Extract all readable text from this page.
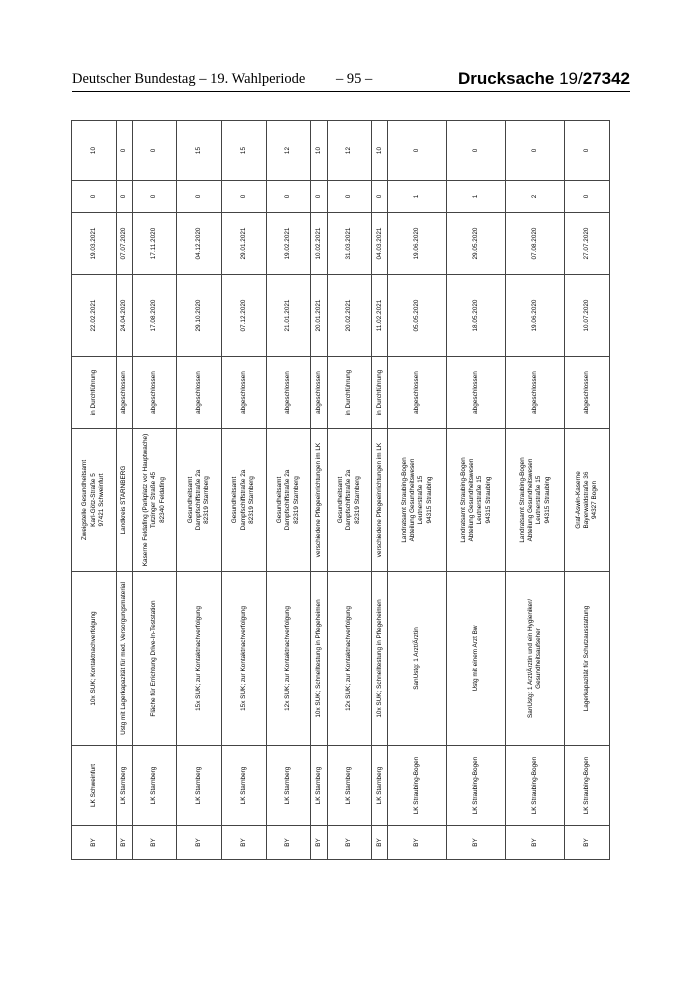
Deutscher Bundestag – 19. Wahlperiode – 95 –	Drucksache 19/27342
BY	LK Schweinfurt	10x SUK; Kontaktnachverfolgung	Zweigstelle Gesundheitsamt
Karl-Götz-Straße 5
97421 Schweinfurt	in Durchführung	22.02.2021	19.03.2021	0	10
BY	LK Starnberg	Ustg mit Lagerkapazität für med. Versorgungsmaterial	Landkreis STARNBERG	abgeschlossen	24.04.2020	07.07.2020	0	0
BY	LK Starnberg	Fläche für Errichtung Drive-In-Teststation	Kaserne Feldafing (Parkplatz vor Hauptwache)
Tutzinger Straße 45
82340 Feldafing	abgeschlossen	17.08.2020	17.11.2020	0	0
BY	LK Starnberg	15x SUK; zur Kontaktnachverfolgung	Gesundheitsamt
Dampfschiffstraße 2a
82319 Starnberg	abgeschlossen	29.10.2020	04.12.2020	0	15
BY	LK Starnberg	15x SUK; zur Kontaktnachverfolgung	Gesundheitsamt
Dampfschiffstraße 2a
82319 Starnberg	abgeschlossen	07.12.2020	29.01.2021	0	15
BY	LK Starnberg	12x SUK; zur Kontaktnachverfolgung	Gesundheitsamt
Dampfschiffstraße 2a
82319 Starnberg	abgeschlossen	21.01.2021	19.02.2021	0	12
BY	LK Starnberg	10x SUK; Schnelltestung in Pflegeheimen	verschiedene Pflegeeinrichtungen im LK	abgeschlossen	20.01.2021	10.02.2021	0	10
BY	LK Starnberg	12x SUK; zur Kontaktnachverfolgung	Gesundheitsamt
Dampfschiffstraße 2a
82319 Starnberg	in Durchführung	20.02.2021	31.03.2021	0	12
BY	LK Starnberg	10x SUK; Schnelltestung in Pflegeheimen	verschiedene Pflegeeinrichtungen im LK	in Durchführung	11.02.2021	04.03.2021	0	10
BY	LK Straubing-Bogen	SanUstg: 1 Arzt/Ärztin	Landratsamt Straubing-Bogen
Abteilung Gesundheitswesen
Leutnerstraße 15
94315 Straubing	abgeschlossen	05.05.2020	19.06.2020	1	0
BY	LK Straubing-Bogen	Ustg mit einem Arzt Bw	Landratsamt Straubing-Bogen
Abteilung Gesundheitswesen
Leutnerstraße 15
94315 Straubing	abgeschlossen	18.05.2020	29.05.2020	1	0
BY	LK Straubing-Bogen	SanUstg: 1 Arzt/Ärztin und ein Hygieniker/ Gesundheitsaufseher	Landratsamt Straubing-Bogen
Abteilung Gesundheitswesen
Leutnerstraße 15
94315 Straubing	abgeschlossen	19.06.2020	07.08.2020	2	0
BY	LK Straubing-Bogen	Lagerkapazität für Schutzausstattung	Graf-Aswin-Kaserne
Bayerwaldstraße 36
94327 Bogen	abgeschlossen	10.07.2020	27.07.2020	0	0
